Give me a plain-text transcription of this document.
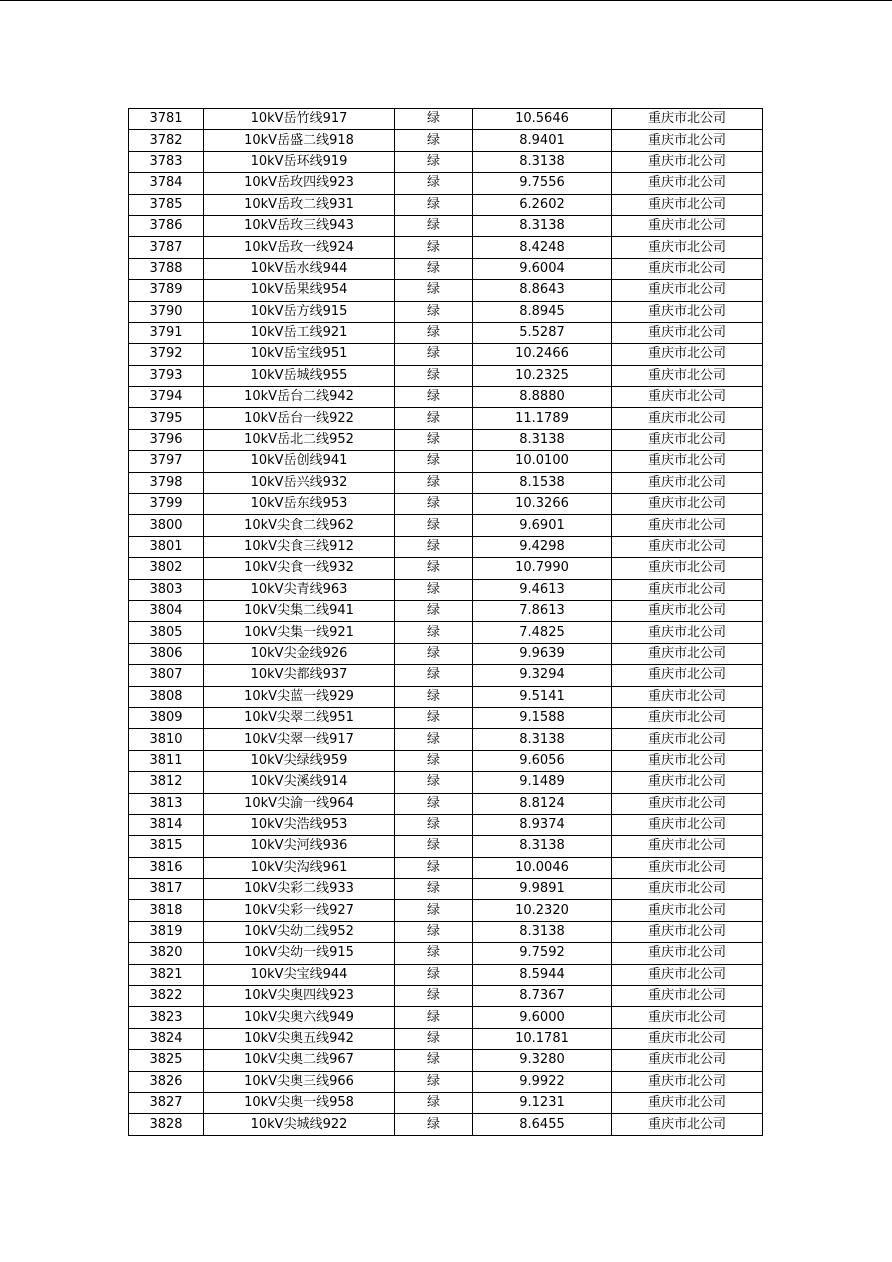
3781	10kV岳竹线917	绿	10.5646	重庆市北公司
3782	10kV岳盛二线918	绿	8.9401	重庆市北公司
3783	10kV岳环线919	绿	8.3138	重庆市北公司
3784	10kV岳玫四线923	绿	9.7556	重庆市北公司
3785	10kV岳玫二线931	绿	6.2602	重庆市北公司
3786	10kV岳玫三线943	绿	8.3138	重庆市北公司
3787	10kV岳玫一线924	绿	8.4248	重庆市北公司
3788	10kV岳水线944	绿	9.6004	重庆市北公司
3789	10kV岳果线954	绿	8.8643	重庆市北公司
3790	10kV岳方线915	绿	8.8945	重庆市北公司
3791	10kV岳工线921	绿	5.5287	重庆市北公司
3792	10kV岳宝线951	绿	10.2466	重庆市北公司
3793	10kV岳城线955	绿	10.2325	重庆市北公司
3794	10kV岳台二线942	绿	8.8880	重庆市北公司
3795	10kV岳台一线922	绿	11.1789	重庆市北公司
3796	10kV岳北二线952	绿	8.3138	重庆市北公司
3797	10kV岳创线941	绿	10.0100	重庆市北公司
3798	10kV岳兴线932	绿	8.1538	重庆市北公司
3799	10kV岳东线953	绿	10.3266	重庆市北公司
3800	10kV尖食二线962	绿	9.6901	重庆市北公司
3801	10kV尖食三线912	绿	9.4298	重庆市北公司
3802	10kV尖食一线932	绿	10.7990	重庆市北公司
3803	10kV尖青线963	绿	9.4613	重庆市北公司
3804	10kV尖集二线941	绿	7.8613	重庆市北公司
3805	10kV尖集一线921	绿	7.4825	重庆市北公司
3806	10kV尖金线926	绿	9.9639	重庆市北公司
3807	10kV尖都线937	绿	9.3294	重庆市北公司
3808	10kV尖蓝一线929	绿	9.5141	重庆市北公司
3809	10kV尖翠二线951	绿	9.1588	重庆市北公司
3810	10kV尖翠一线917	绿	8.3138	重庆市北公司
3811	10kV尖绿线959	绿	9.6056	重庆市北公司
3812	10kV尖溪线914	绿	9.1489	重庆市北公司
3813	10kV尖渝一线964	绿	8.8124	重庆市北公司
3814	10kV尖浩线953	绿	8.9374	重庆市北公司
3815	10kV尖河线936	绿	8.3138	重庆市北公司
3816	10kV尖沟线961	绿	10.0046	重庆市北公司
3817	10kV尖彩二线933	绿	9.9891	重庆市北公司
3818	10kV尖彩一线927	绿	10.2320	重庆市北公司
3819	10kV尖幼二线952	绿	8.3138	重庆市北公司
3820	10kV尖幼一线915	绿	9.7592	重庆市北公司
3821	10kV尖宝线944	绿	8.5944	重庆市北公司
3822	10kV尖奥四线923	绿	8.7367	重庆市北公司
3823	10kV尖奥六线949	绿	9.6000	重庆市北公司
3824	10kV尖奥五线942	绿	10.1781	重庆市北公司
3825	10kV尖奥二线967	绿	9.3280	重庆市北公司
3826	10kV尖奥三线966	绿	9.9922	重庆市北公司
3827	10kV尖奥一线958	绿	9.1231	重庆市北公司
3828	10kV尖城线922	绿	8.6455	重庆市北公司
